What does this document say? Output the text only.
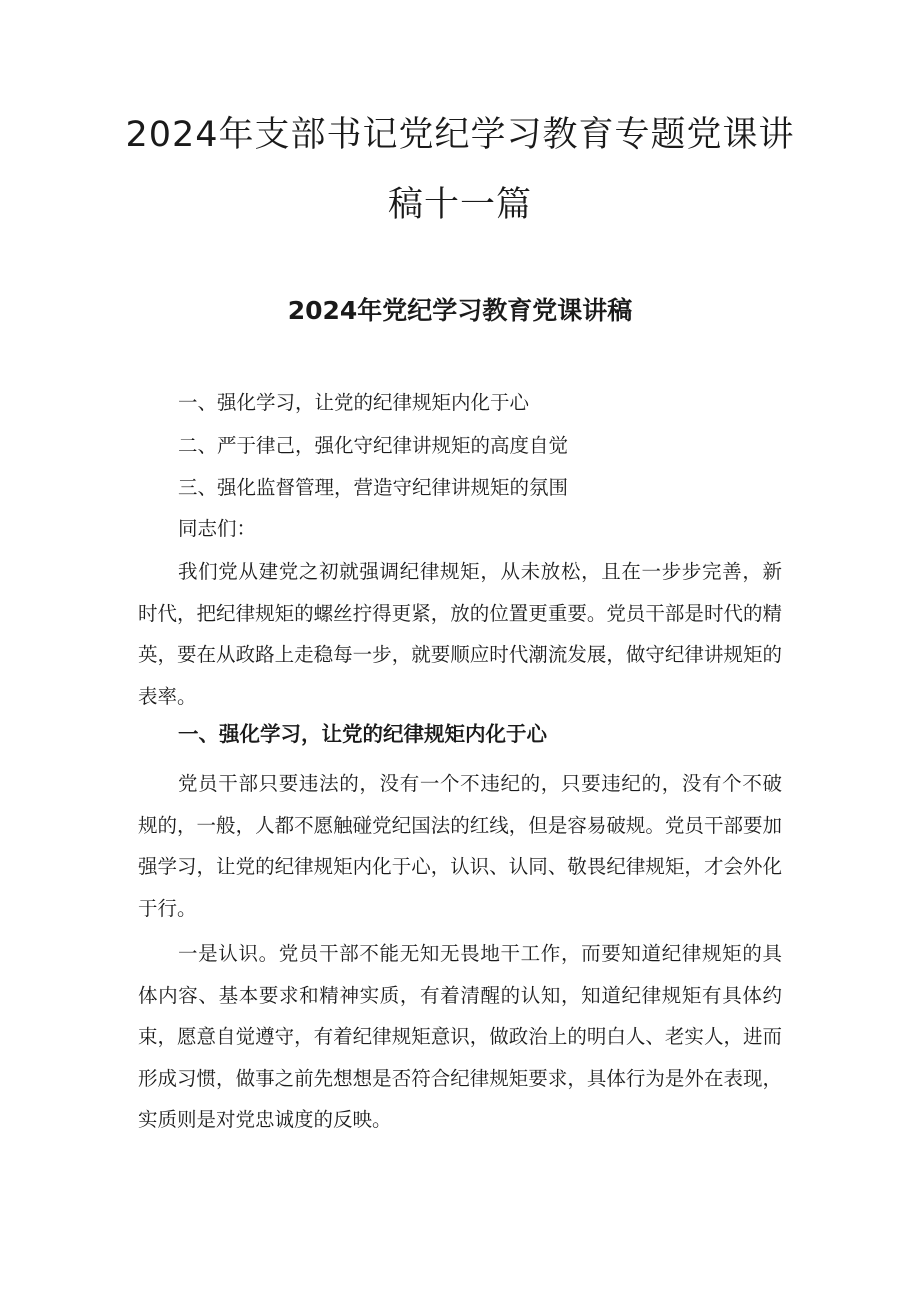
2024年支部书记党纪学习教育专题党课讲
稿十一篇
2024年党纪学习教育党课讲稿
一、强化学习，让党的纪律规矩内化于心
二、严于律己，强化守纪律讲规矩的高度自觉
三、强化监督管理，营造守纪律讲规矩的氛围
同志们：

我们党从建党之初就强调纪律规矩，从未放松，且在一步步完善，新时代，把纪律规矩的螺丝拧得更紧，放的位置更重要。党员干部是时代的精英，要在从政路上走稳每一步，就要顺应时代潮流发展，做守纪律讲规矩的表率。

一、强化学习，让党的纪律规矩内化于心

党员干部只要违法的，没有一个不违纪的，只要违纪的，没有个不破规的，一般，人都不愿触碰党纪国法的红线，但是容易破规。党员干部要加强学习，让党的纪律规矩内化于心，认识、认同、敬畏纪律规矩，才会外化于行。

一是认识。党员干部不能无知无畏地干工作，而要知道纪律规矩的具体内容、基本要求和精神实质，有着清醒的认知，知道纪律规矩有具体约束，愿意自觉遵守，有着纪律规矩意识，做政治上的明白人、老实人，进而形成习惯，做事之前先想想是否符合纪律规矩要求，具体行为是外在表现，实质则是对党忠诚度的反映。
